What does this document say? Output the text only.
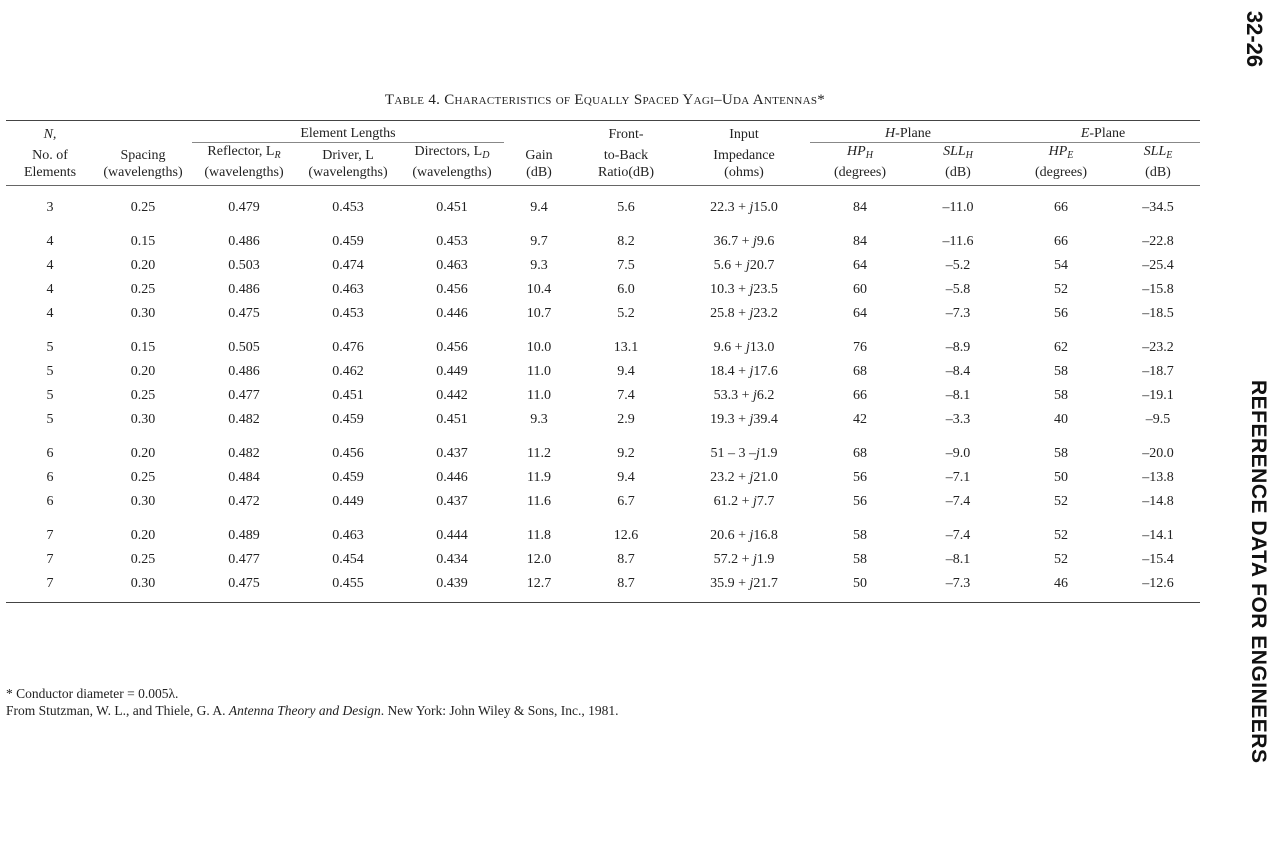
32-26
REFERENCE DATA FOR ENGINEERS
Table 4. Characteristics of Equally Spaced Yagi–Uda Antennas*
N,		Element Lengths				Front-	Input	H-Plane		E-Plane	
No. of	Spacing	Reflector, $L_R$	Driver, L	Directors, $L_D$	Gain	to-Back	Impedance	$HP_H$	$SLL_H$	$HP_E$	$SLL_E$
Elements	(wavelengths)	(wavelengths)	(wavelengths)	(wavelengths)	(dB)	Ratio(dB)	(ohms)	(degrees)	(dB)	(degrees)	(dB)
3	0.25	0.479	0.453	0.451	9.4	5.6	22.3 + j15.0	84	–11.0	66	–34.5
4	0.15	0.486	0.459	0.453	9.7	8.2	36.7 + j9.6	84	–11.6	66	–22.8
4	0.20	0.503	0.474	0.463	9.3	7.5	5.6 + j20.7	64	–5.2	54	–25.4
4	0.25	0.486	0.463	0.456	10.4	6.0	10.3 + j23.5	60	–5.8	52	–15.8
4	0.30	0.475	0.453	0.446	10.7	5.2	25.8 + j23.2	64	–7.3	56	–18.5
5	0.15	0.505	0.476	0.456	10.0	13.1	9.6 + j13.0	76	–8.9	62	–23.2
5	0.20	0.486	0.462	0.449	11.0	9.4	18.4 + j17.6	68	–8.4	58	–18.7
5	0.25	0.477	0.451	0.442	11.0	7.4	53.3 + j6.2	66	–8.1	58	–19.1
5	0.30	0.482	0.459	0.451	9.3	2.9	19.3 + j39.4	42	–3.3	40	–9.5
6	0.20	0.482	0.456	0.437	11.2	9.2	51 – 3 –j1.9	68	–9.0	58	–20.0
6	0.25	0.484	0.459	0.446	11.9	9.4	23.2 + j21.0	56	–7.1	50	–13.8
6	0.30	0.472	0.449	0.437	11.6	6.7	61.2 + j7.7	56	–7.4	52	–14.8
7	0.20	0.489	0.463	0.444	11.8	12.6	20.6 + j16.8	58	–7.4	52	–14.1
7	0.25	0.477	0.454	0.434	12.0	8.7	57.2 + j1.9	58	–8.1	52	–15.4
7	0.30	0.475	0.455	0.439	12.7	8.7	35.9 + j21.7	50	–7.3	46	–12.6
* Conductor diameter = 0.005λ.
From Stutzman, W. L., and Thiele, G. A. Antenna Theory and Design. New York: John Wiley & Sons, Inc., 1981.
